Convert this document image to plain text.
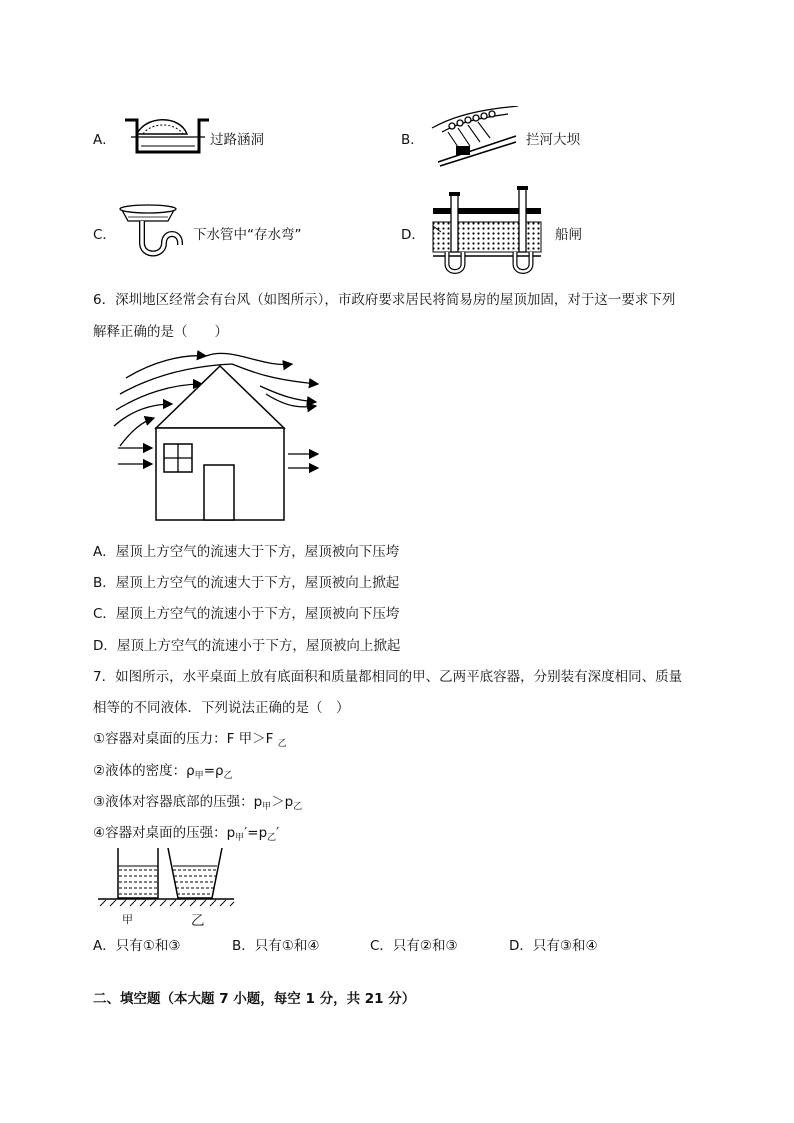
A．	过路涵洞	B．	拦河大坝
C．	下水管中“存水弯”	D．	船闸
6．深圳地区经常会有台风（如图所示），市政府要求居民将简易房的屋顶加固，对于这一要求下列
解释正确的是（　　）
A．屋顶上方空气的流速大于下方，屋顶被向下压垮
B．屋顶上方空气的流速大于下方，屋顶被向上掀起
C．屋顶上方空气的流速小于下方，屋顶被向下压垮
D．屋顶上方空气的流速小于下方，屋顶被向上掀起
7．如图所示，水平桌面上放有底面积和质量都相同的甲、乙两平底容器，分别装有深度相同、质量
相等的不同液体．下列说法正确的是（　）
①容器对桌面的压力：F 甲＞F $_乙$
②液体的密度：$\rho_甲=\rho_乙$
③液体对容器底部的压强：$p_甲>p_乙$
④容器对桌面的压强：$p_甲'=p_乙'$
甲	乙
A．只有①和③	B．只有①和④	C．只有②和③	D．只有③和④
二、填空题（本大题 7 小题，每空 1 分，共 21 分）
